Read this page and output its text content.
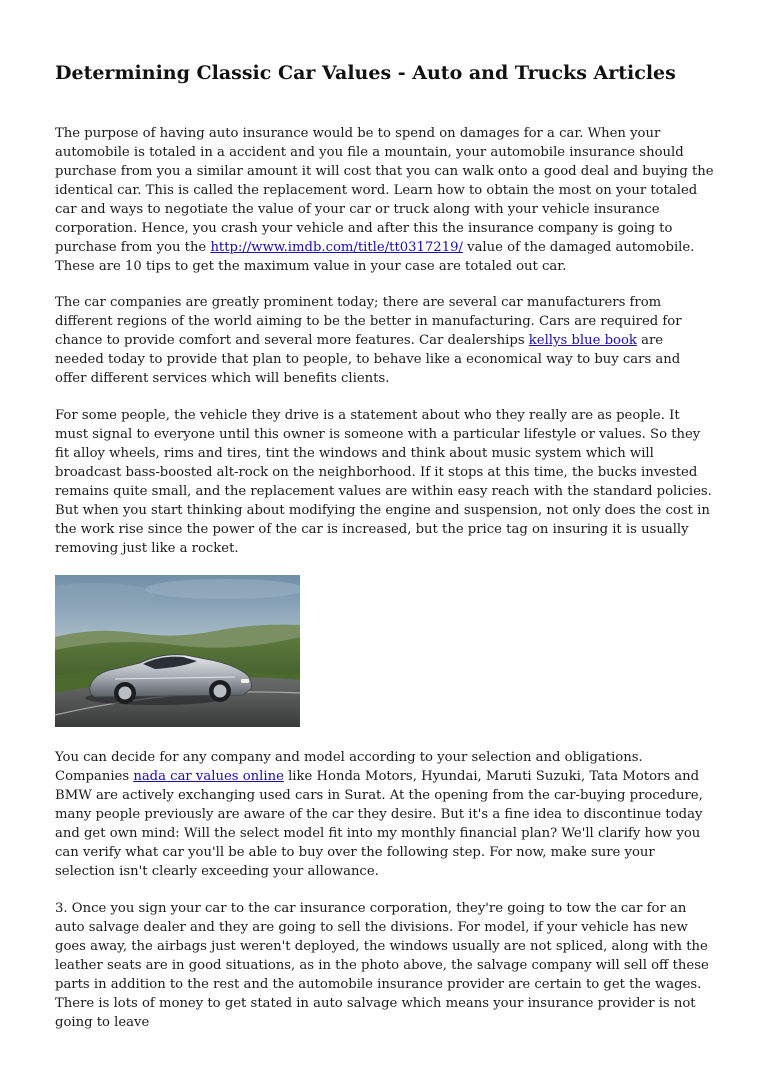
Determining Classic Car Values - Auto and Trucks Articles

The purpose of having auto insurance would be to spend on damages for a car. When your automobile is totaled in a accident and you file a mountain, your automobile insurance should purchase from you a similar amount it will cost that you can walk onto a good deal and buying the identical car. This is called the replacement word. Learn how to obtain the most on your totaled car and ways to negotiate the value of your car or truck along with your vehicle insurance corporation. Hence, you crash your vehicle and after this the insurance company is going to purchase from you the http://www.imdb.com/title/tt0317219/ value of the damaged automobile. These are 10 tips to get the maximum value in your case are totaled out car.

The car companies are greatly prominent today; there are several car manufacturers from different regions of the world aiming to be the better in manufacturing. Cars are required for chance to provide comfort and several more features. Car dealerships kellys blue book are needed today to provide that plan to people, to behave like a economical way to buy cars and offer different services which will benefits clients.

For some people, the vehicle they drive is a statement about who they really are as people. It must signal to everyone until this owner is someone with a particular lifestyle or values. So they fit alloy wheels, rims and tires, tint the windows and think about music system which will broadcast bass-boosted alt-rock on the neighborhood. If it stops at this time, the bucks invested remains quite small, and the replacement values are within easy reach with the standard policies. But when you start thinking about modifying the engine and suspension, not only does the cost in the work rise since the power of the car is increased, but the price tag on insuring it is usually removing just like a rocket.

You can decide for any company and model according to your selection and obligations. Companies nada car values online like Honda Motors, Hyundai, Maruti Suzuki, Tata Motors and BMW are actively exchanging used cars in Surat. At the opening from the car-buying procedure, many people previously are aware of the car they desire. But it's a fine idea to discontinue today and get own mind: Will the select model fit into my monthly financial plan? We'll clarify how you can verify what car you'll be able to buy over the following step. For now, make sure your selection isn't clearly exceeding your allowance.

3. Once you sign your car to the car insurance corporation, they're going to tow the car for an auto salvage dealer and they are going to sell the divisions. For model, if your vehicle has new goes away, the airbags just weren't deployed, the windows usually are not spliced, along with the leather seats are in good situations, as in the photo above, the salvage company will sell off these parts in addition to the rest and the automobile insurance provider are certain to get the wages. There is lots of money to get stated in auto salvage which means your insurance provider is not going to leave
